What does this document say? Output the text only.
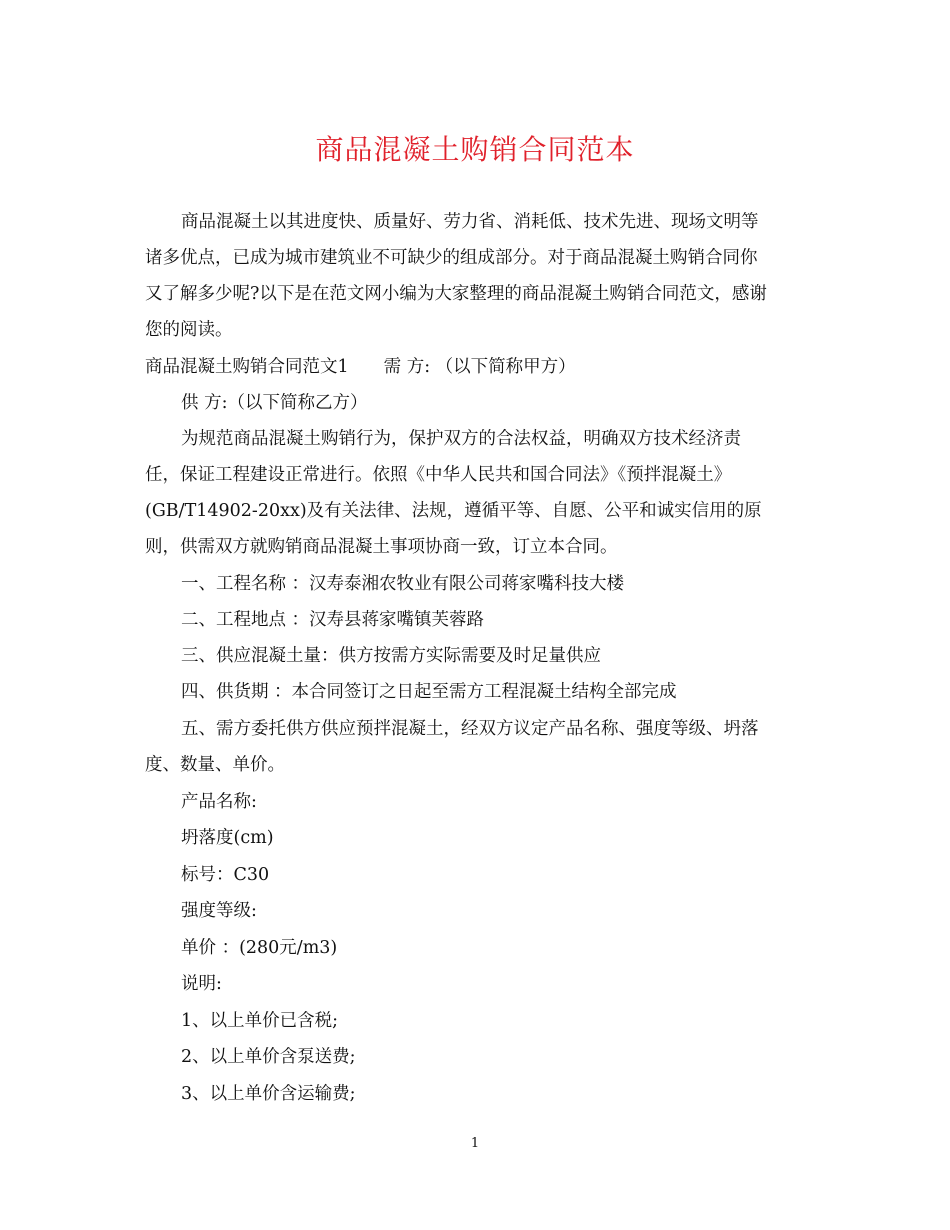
商品混凝土购销合同范本
商品混凝土以其进度快、质量好、劳力省、消耗低、技术先进、现场文明等
诸多优点，已成为城市建筑业不可缺少的组成部分。对于商品混凝土购销合同你
又了解多少呢?以下是在范文网小编为大家整理的商品混凝土购销合同范文，感谢
您的阅读。
商品混凝土购销合同范文1　　需 方: （以下简称甲方）
供 方:（以下简称乙方）
为规范商品混凝土购销行为，保护双方的合法权益，明确双方技术经济责
任，保证工程建设正常进行。依照《中华人民共和国合同法》《预拌混凝土》
(GB/T14902-20xx)及有关法律、法规，遵循平等、自愿、公平和诚实信用的原
则，供需双方就购销商品混凝土事项协商一致，订立本合同。
一、工程名称 ：汉寿泰湘农牧业有限公司蒋家嘴科技大楼
二、工程地点 ：汉寿县蒋家嘴镇芙蓉路
三、供应混凝土量：供方按需方实际需要及时足量供应
四、供货期 ：本合同签订之日起至需方工程混凝土结构全部完成
五、需方委托供方供应预拌混凝土，经双方议定产品名称、强度等级、坍落
度、数量、单价。
产品名称:
坍落度(cm)
标号：C30
强度等级:
单价 ：(280元/m3)
说明:
1、以上单价已含税;
2、以上单价含泵送费;
3、以上单价含运输费;
1
